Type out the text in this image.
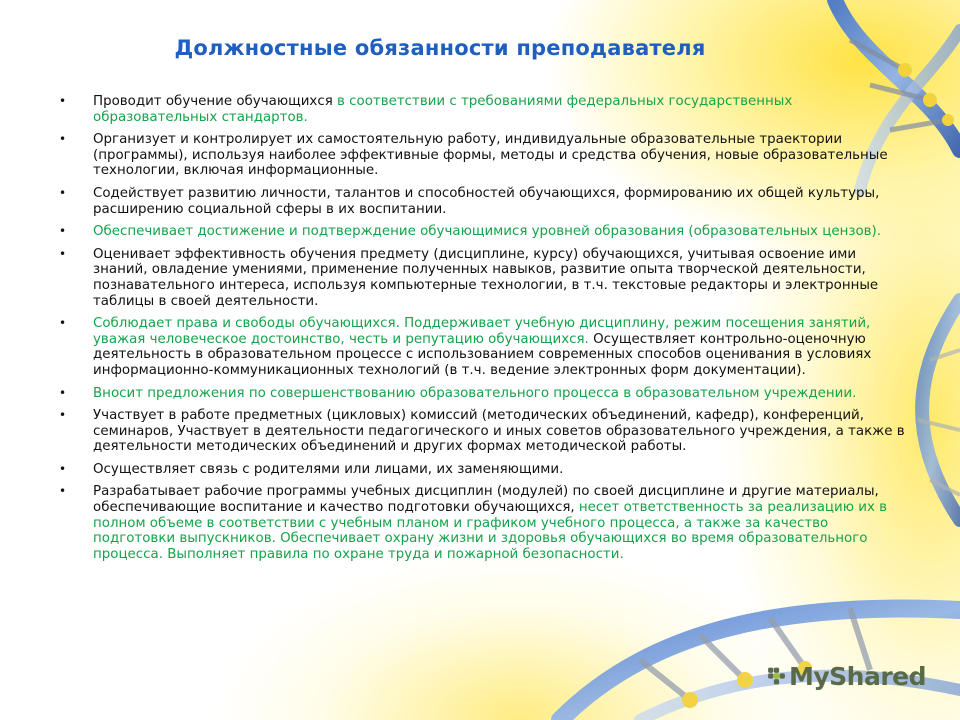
Должностные обязанности преподавателя
• Проводит обучение обучающихся в соответствии с требованиями федеральных государственных образовательных стандартов.
• Организует и контролирует их самостоятельную работу, индивидуальные образовательные траектории (программы), используя наиболее эффективные формы, методы и средства обучения, новые образовательные технологии, включая информационные.
• Содействует развитию личности, талантов и способностей обучающихся, формированию их общей культуры, расширению социальной сферы в их воспитании.
• Обеспечивает достижение и подтверждение обучающимися уровней образования (образовательных цензов).
• Оценивает эффективность обучения предмету (дисциплине, курсу) обучающихся, учитывая освоение ими знаний, овладение умениями, применение полученных навыков, развитие опыта творческой деятельности, познавательного интереса, используя компьютерные технологии, в т.ч. текстовые редакторы и электронные таблицы в своей деятельности.
• Соблюдает права и свободы обучающихся. Поддерживает учебную дисциплину, режим посещения занятий, уважая человеческое достоинство, честь и репутацию обучающихся. Осуществляет контрольно-оценочную деятельность в образовательном процессе с использованием современных способов оценивания в условиях информационно-коммуникационных технологий (в т.ч. ведение электронных форм документации).
• Вносит предложения по совершенствованию образовательного процесса в образовательном учреждении.
• Участвует в работе предметных (цикловых) комиссий (методических объединений, кафедр), конференций, семинаров, Участвует в деятельности педагогического и иных советов образовательного учреждения, а также в деятельности методических объединений и других формах методической работы.
• Осуществляет связь с родителями или лицами, их заменяющими.
• Разрабатывает рабочие программы учебных дисциплин (модулей) по своей дисциплине и другие материалы, обеспечивающие воспитание и качество подготовки обучающихся, несет ответственность за реализацию их в полном объеме в соответствии с учебным планом и графиком учебного процесса, а также за качество подготовки выпускников. Обеспечивает охрану жизни и здоровья обучающихся во время образовательного процесса. Выполняет правила по охране труда и пожарной безопасности.
MyShared
